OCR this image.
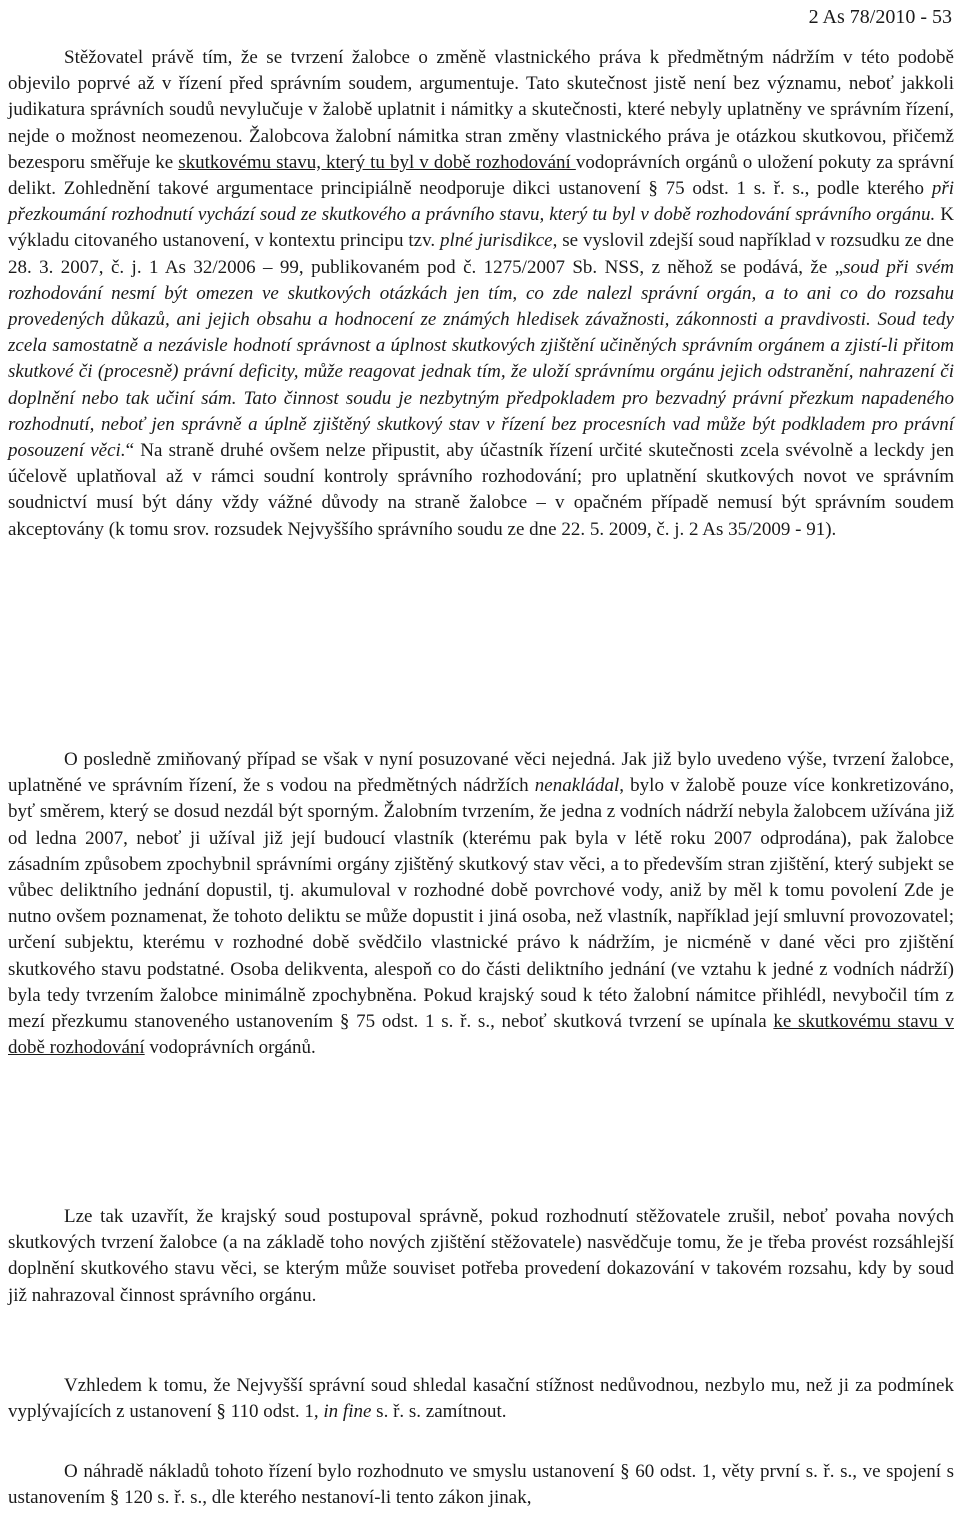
2 As 78/2010 - 53
Stěžovatel právě tím, že se tvrzení žalobce o změně vlastnického práva k předmětným nádržím v této podobě objevilo poprvé až v řízení před správním soudem, argumentuje. Tato skutečnost jistě není bez významu, neboť jakkoli judikatura správních soudů nevylučuje v žalobě uplatnit i námitky a skutečnosti, které nebyly uplatněny ve správním řízení, nejde o možnost neomezenou. Žalobcova žalobní námitka stran změny vlastnického práva je otázkou skutkovou, přičemž bezesporu směřuje ke skutkovému stavu, který tu byl v době rozhodování vodoprávních orgánů o uložení pokuty za správní delikt. Zohlednění takové argumentace principiálně neodporuje dikci ustanovení § 75 odst. 1 s. ř. s., podle kterého při přezkoumání rozhodnutí vychází soud ze skutkového a právního stavu, který tu byl v době rozhodování správního orgánu. K výkladu citovaného ustanovení, v kontextu principu tzv. plné jurisdikce, se vyslovil zdejší soud například v rozsudku ze dne 28. 3. 2007, č. j. 1 As 32/2006 – 99, publikovaném pod č. 1275/2007 Sb. NSS, z něhož se podává, že „soud při svém rozhodování nesmí být omezen ve skutkových otázkách jen tím, co zde nalezl správní orgán, a to ani co do rozsahu provedených důkazů, ani jejich obsahu a hodnocení ze známých hledisek závažnosti, zákonnosti a pravdivosti. Soud tedy zcela samostatně a nezávisle hodnotí správnost a úplnost skutkových zjištění učiněných správním orgánem a zjistí-li přitom skutkové či (procesně) právní deficity, může reagovat jednak tím, že uloží správnímu orgánu jejich odstranění, nahrazení či doplnění nebo tak učiní sám. Tato činnost soudu je nezbytným předpokladem pro bezvadný právní přezkum napadeného rozhodnutí, neboť jen správně a úplně zjištěný skutkový stav v řízení bez procesních vad může být podkladem pro právní posouzení věci.“ Na straně druhé ovšem nelze připustit, aby účastník řízení určité skutečnosti zcela svévolně a leckdy jen účelově uplatňoval až v rámci soudní kontroly správního rozhodování; pro uplatnění skutkových novot ve správním soudnictví musí být dány vždy vážné důvody na straně žalobce – v opačném případě nemusí být správním soudem akceptovány (k tomu srov. rozsudek Nejvyššího správního soudu ze dne 22. 5. 2009, č. j. 2 As 35/2009 - 91).
O posledně zmiňovaný případ se však v nyní posuzované věci nejedná. Jak již bylo uvedeno výše, tvrzení žalobce, uplatněné ve správním řízení, že s vodou na předmětných nádržích nenakládal, bylo v žalobě pouze více konkretizováno, byť směrem, který se dosud nezdál být sporným. Žalobním tvrzením, že jedna z vodních nádrží nebyla žalobcem užívána již od ledna 2007, neboť ji užíval již její budoucí vlastník (kterému pak byla v létě roku 2007 odprodána), pak žalobce zásadním způsobem zpochybnil správními orgány zjištěný skutkový stav věci, a to především stran zjištění, který subjekt se vůbec deliktního jednání dopustil, tj. akumuloval v rozhodné době povrchové vody, aniž by měl k tomu povolení Zde je nutno ovšem poznamenat, že tohoto deliktu se může dopustit i jiná osoba, než vlastník, například její smluvní provozovatel; určení subjektu, kterému v rozhodné době svědčilo vlastnické právo k nádržím, je nicméně v dané věci pro zjištění skutkového stavu podstatné. Osoba delikventa, alespoň co do části deliktního jednání (ve vztahu k jedné z vodních nádrží) byla tedy tvrzením žalobce minimálně zpochybněna. Pokud krajský soud k této žalobní námitce přihlédl, nevybočil tím z mezí přezkumu stanoveného ustanovením § 75 odst. 1 s. ř. s., neboť skutková tvrzení se upínala ke skutkovému stavu v době rozhodování vodoprávních orgánů.
Lze tak uzavřít, že krajský soud postupoval správně, pokud rozhodnutí stěžovatele zrušil, neboť povaha nových skutkových tvrzení žalobce (a na základě toho nových zjištění stěžovatele) nasvědčuje tomu, že je třeba provést rozsáhlejší doplnění skutkového stavu věci, se kterým může souviset potřeba provedení dokazování v takovém rozsahu, kdy by soud již nahrazoval činnost správního orgánu.
Vzhledem k tomu, že Nejvyšší správní soud shledal kasační stížnost nedůvodnou, nezbylo mu, než ji za podmínek vyplývajících z ustanovení § 110 odst. 1, in fine s. ř. s. zamítnout.
O náhradě nákladů tohoto řízení bylo rozhodnuto ve smyslu ustanovení § 60 odst. 1, věty první s. ř. s., ve spojení s ustanovením § 120 s. ř. s., dle kterého nestanoví-li tento zákon jinak,
